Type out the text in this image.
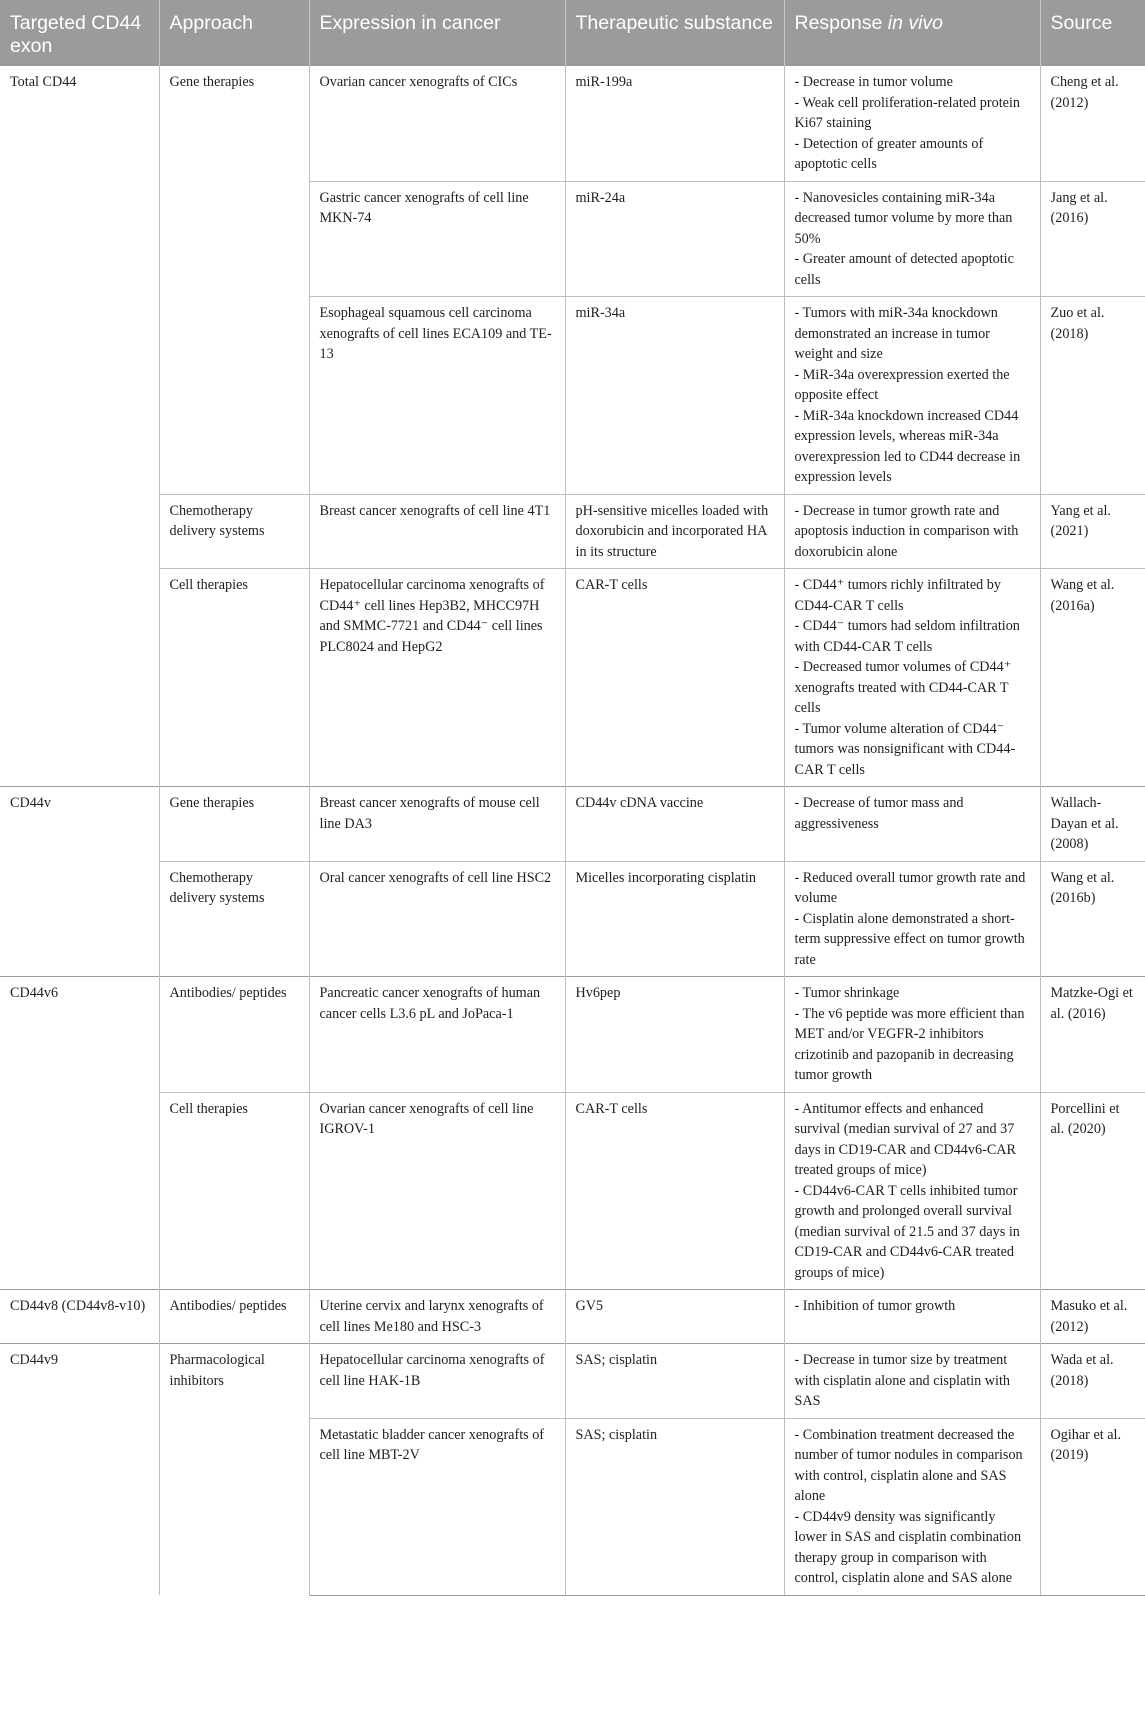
Targeted CD44 exon	Approach	Expression in cancer	Therapeutic substance	Response in vivo	Source
Total CD44	Gene therapies	Ovarian cancer xenografts of CICs	miR-199a	- Decrease in tumor volume
- Weak cell proliferation-related protein Ki67 staining
- Detection of greater amounts of apoptotic cells	Cheng et al. (2012)
		Gastric cancer xenografts of cell line MKN-74	miR-24a	- Nanovesicles containing miR-34a decreased tumor volume by more than 50%
- Greater amount of detected apoptotic cells	Jang et al. (2016)
		Esophageal squamous cell carcinoma xenografts of cell lines ECA109 and TE-13	miR-34a	- Tumors with miR-34a knockdown demonstrated an increase in tumor weight and size
- MiR-34a overexpression exerted the opposite effect
- MiR-34a knockdown increased CD44 expression levels, whereas miR-34a overexpression led to CD44 decrease in expression levels	Zuo et al. (2018)
	Chemotherapy delivery systems	Breast cancer xenografts of cell line 4T1	pH-sensitive micelles loaded with doxorubicin and incorporated HA in its structure	- Decrease in tumor growth rate and apoptosis induction in comparison with doxorubicin alone	Yang et al. (2021)
	Cell therapies	Hepatocellular carcinoma xenografts of CD44⁺ cell lines Hep3B2, MHCC97H and SMMC-7721 and CD44⁻ cell lines PLC8024 and HepG2	CAR-T cells	- CD44⁺ tumors richly infiltrated by CD44-CAR T cells
- CD44⁻ tumors had seldom infiltration with CD44-CAR T cells
- Decreased tumor volumes of CD44⁺ xenografts treated with CD44-CAR T cells
- Tumor volume alteration of CD44⁻ tumors was nonsignificant with CD44-CAR T cells	Wang et al. (2016a)
CD44v	Gene therapies	Breast cancer xenografts of mouse cell line DA3	CD44v cDNA vaccine	- Decrease of tumor mass and aggressiveness	Wallach-Dayan et al. (2008)
	Chemotherapy delivery systems	Oral cancer xenografts of cell line HSC2	Micelles incorporating cisplatin	- Reduced overall tumor growth rate and volume
- Cisplatin alone demonstrated a short-term suppressive effect on tumor growth rate	Wang et al. (2016b)
CD44v6	Antibodies/ peptides	Pancreatic cancer xenografts of human cancer cells L3.6 pL and JoPaca-1	Hv6pep	- Tumor shrinkage
- The v6 peptide was more efficient than MET and/or VEGFR-2 inhibitors crizotinib and pazopanib in decreasing tumor growth	Matzke-Ogi et al. (2016)
	Cell therapies	Ovarian cancer xenografts of cell line IGROV-1	CAR-T cells	- Antitumor effects and enhanced survival (median survival of 27 and 37 days in CD19-CAR and CD44v6-CAR treated groups of mice)
- CD44v6-CAR T cells inhibited tumor growth and prolonged overall survival (median survival of 21.5 and 37 days in CD19-CAR and CD44v6-CAR treated groups of mice)	Porcellini et al. (2020)
CD44v8 (CD44v8-v10)	Antibodies/ peptides	Uterine cervix and larynx xenografts of cell lines Me180 and HSC-3	GV5	- Inhibition of tumor growth	Masuko et al. (2012)
CD44v9	Pharmacological inhibitors	Hepatocellular carcinoma xenografts of cell line HAK-1B	SAS; cisplatin	- Decrease in tumor size by treatment with cisplatin alone and cisplatin with SAS	Wada et al. (2018)
		Metastatic bladder cancer xenografts of cell line MBT-2V	SAS; cisplatin	- Combination treatment decreased the number of tumor nodules in comparison with control, cisplatin alone and SAS alone
- CD44v9 density was significantly lower in SAS and cisplatin combination therapy group in comparison with control, cisplatin alone and SAS alone	Ogihar et al. (2019)
